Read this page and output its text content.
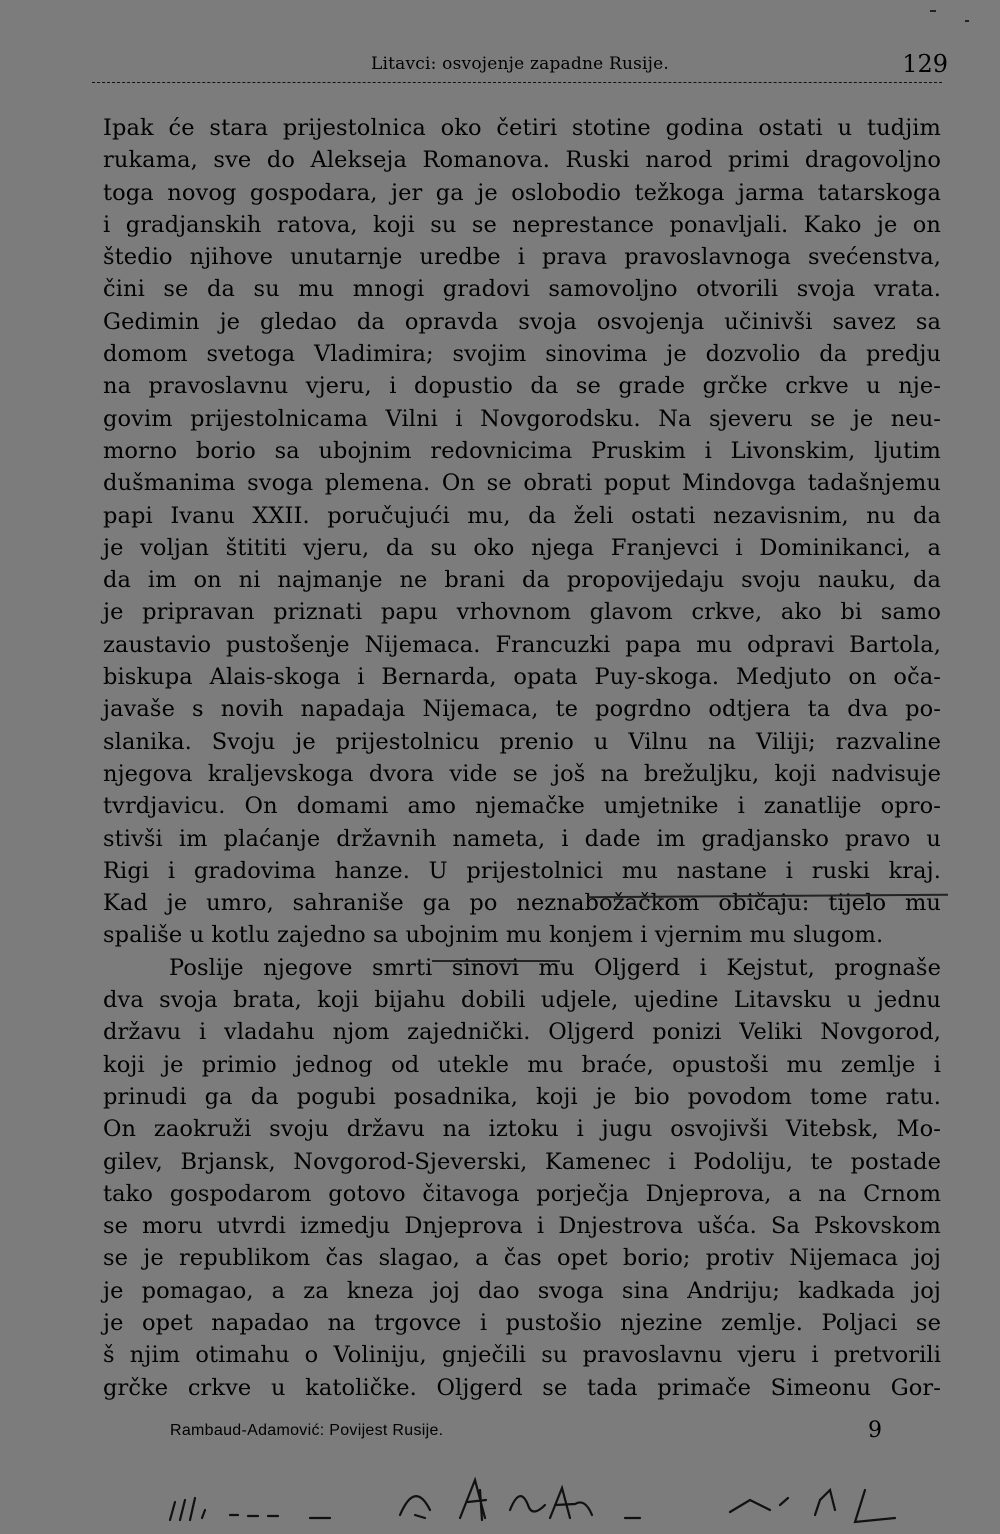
Litavci: osvojenje zapadne Rusije.	129
Ipak će stara prijestolnica oko četiri stotine godina ostati u tudjim
rukama, sve do Alekseja Romanova. Ruski narod primi dragovoljno
toga novog gospodara, jer ga je oslobodio težkoga jarma tatarskoga
i gradjanskih ratova, koji su se neprestance ponavljali. Kako je on
štedio njihove unutarnje uredbe i prava pravoslavnoga svećenstva,
čini se da su mu mnogi gradovi samovoljno otvorili svoja vrata.
Gedimin je gledao da opravda svoja osvojenja učinivši savez sa
domom svetoga Vladimira; svojim sinovima je dozvolio da predju
na pravoslavnu vjeru, i dopustio da se grade grčke crkve u nje-
govim prijestolnicama Vilni i Novgorodsku. Na sjeveru se je neu-
morno borio sa ubojnim redovnicima Pruskim i Livonskim, ljutim
dušmanima svoga plemena. On se obrati poput Mindovga tadašnjemu
papi Ivanu XXII. poručujući mu, da želi ostati nezavisnim, nu da
je voljan štititi vjeru, da su oko njega Franjevci i Dominikanci, a
da im on ni najmanje ne brani da propovijedaju svoju nauku, da
je pripravan priznati papu vrhovnom glavom crkve, ako bi samo
zaustavio pustošenje Nijemaca. Francuzki papa mu odpravi Bartola,
biskupa Alais-skoga i Bernarda, opata Puy-skoga. Medjuto on oča-
javaše s novih napadaja Nijemaca, te pogrdno odtjera ta dva po-
slanika. Svoju je prijestolnicu prenio u Vilnu na Viliji; razvaline
njegova kraljevskoga dvora vide se još na brežuljku, koji nadvisuje
tvrdjavicu. On domami amo njemačke umjetnike i zanatlije opro-
stivši im plaćanje državnih nameta, i dade im gradjansko pravo u
Rigi i gradovima hanze. U prijestolnici mu nastane i ruski kraj.
Kad je umro, sahraniše ga po neznabožačkom običaju: tijelo mu
spališe u kotlu zajedno sa ubojnim mu konjem i vjernim mu slugom.
Poslije njegove smrti sinovi mu Oljgerd i Kejstut, prognaše
dva svoja brata, koji bijahu dobili udjele, ujedine Litavsku u jednu
državu i vladahu njom zajednički. Oljgerd ponizi Veliki Novgorod,
koji je primio jednog od utekle mu braće, opustoši mu zemlje i
prinudi ga da pogubi posadnika, koji je bio povodom tome ratu.
On zaokruži svoju državu na iztoku i jugu osvojivši Vitebsk, Mo-
gilev, Brjansk, Novgorod-Sjeverski, Kamenec i Podoliju, te postade
tako gospodarom gotovo čitavoga porječja Dnjeprova, a na Crnom
se moru utvrdi izmedju Dnjeprova i Dnjestrova ušća. Sa Pskovskom
se je republikom čas slagao, a čas opet borio; protiv Nijemaca joj
je pomagao, a za kneza joj dao svoga sina Andriju; kadkada joj
je opet napadao na trgovce i pustošio njezine zemlje. Poljaci se
š njim otimahu o Voliniju, gnječili su pravoslavnu vjeru i pretvorili
grčke crkve u katoličke. Oljgerd se tada primače Simeonu Gor-
Rambaud-Adamović: Povijest Rusije.	9
